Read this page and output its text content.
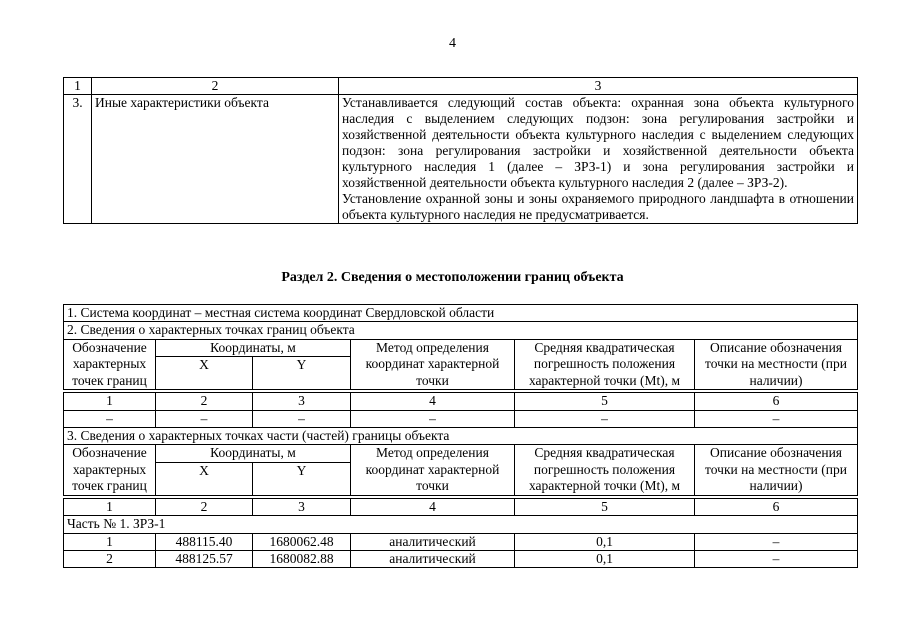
4
1	2	3
3.	Иные характеристики объекта	Устанавливается следующий состав объекта: охранная зона объекта культурного наследия с выделением следующих подзон: зона регулирования застройки и хозяйственной деятельности объекта культурного наследия с выделением следующих подзон: зона регулирования застройки и хозяйственной деятельности объекта культурного наследия 1 (далее – ЗРЗ-1) и зона регулирования застройки и хозяйственной деятельности объекта культурного наследия 2 (далее – ЗРЗ-2).

Установление охранной зоны и зоны охраняемого природного ландшафта в отношении объекта культурного наследия не предусматривается.

Раздел 2. Сведения о местоположении границ объекта
1. Система координат – местная система координат Свердловской области					
2. Сведения о характерных точках границ объекта					
Обозначение характерных точек границ	Координаты, м		Метод определения координат характерной точки	Средняя квадратическая погрешность положения характерной точки (Mt), м	Описание обозначения точки на местности (при наличии)
	X	Y			

1	2	3	4	5	6
–	–	–	–	–	–
3. Сведения о характерных точках части (частей) границы объекта					
Обозначение характерных точек границ	Координаты, м		Метод определения координат характерной точки	Средняя квадратическая погрешность положения характерной точки (Mt), м	Описание обозначения точки на местности (при наличии)
	X	Y			

1	2	3	4	5	6
Часть № 1. ЗРЗ-1					
1	488115.40	1680062.48	аналитический	0,1	–
2	488125.57	1680082.88	аналитический	0,1	–
